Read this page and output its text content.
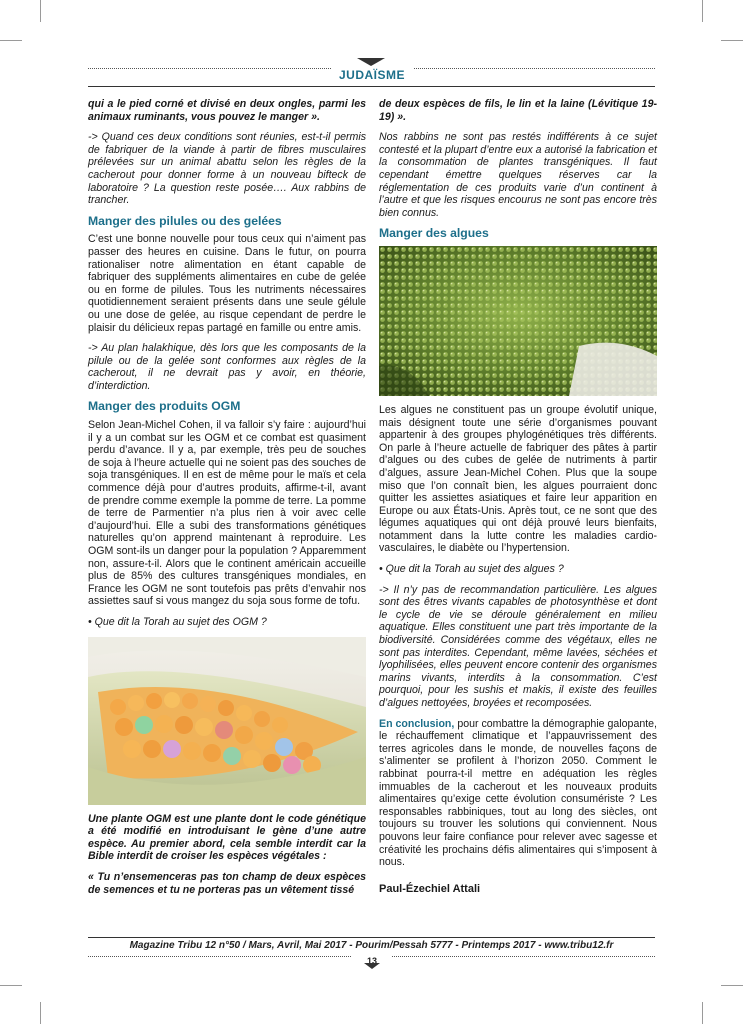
JUDAÏSME

qui a le pied corné et divisé en deux ongles, parmi les animaux ruminants, vous pouvez le manger ».

-> Quand ces deux conditions sont réunies, est-t-il permis de fabriquer de la viande à partir de fibres musculaires prélevées sur un animal abattu selon les règles de la cacherout pour donner forme à un nouveau bifteck de laboratoire ? La question reste posée…. Aux rabbins de trancher.

Manger des pilules ou des gelées

C’est une bonne nouvelle pour tous ceux qui n’aiment pas passer des heures en cuisine. Dans le futur, on pourra rationaliser notre alimentation en étant capable de fabriquer des suppléments alimentaires en cube de gelée ou en forme de pilules. Tous les nutriments nécessaires quotidiennement seraient présents dans une seule gélule ou une dose de gelée, au risque cependant de perdre le plaisir du délicieux repas partagé en famille ou entre amis.

-> Au plan halakhique, dès lors que les composants de la pilule ou de la gelée sont conformes aux règles de la cacherout, il ne devrait pas y avoir, en théorie, d’interdiction.

Manger des produits OGM

Selon Jean-Michel Cohen, il va falloir s’y faire : aujourd’hui il y a un combat sur les OGM et ce combat est quasiment perdu d’avance. Il y a, par exemple, très peu de souches de soja à l’heure actuelle qui ne soient pas des souches de soja transgéniques. Il en est de même pour le maïs et cela commence déjà pour d’autres produits, affirme-t-il, avant de prendre comme exemple la pomme de terre. La pomme de terre de Parmentier n’a plus rien à voir avec celle d’aujourd’hui. Elle a subi des transformations génétiques naturelles qu’on apprend maintenant à reproduire. Les OGM sont-ils un danger pour la population ? Apparemment non, assure-t-il. Alors que le continent américain accueille plus de 85% des cultures transgéniques mondiales, en France les OGM ne sont toutefois pas prêts d’envahir nos assiettes sauf si vous mangez du soja sous forme de tofu.

• Que dit la Torah au sujet des OGM ?

Une plante OGM est une plante dont le code génétique a été modifié en introduisant le gène d’une autre espèce. Au premier abord, cela semble interdit car la Bible interdit de croiser les espèces végétales :

« Tu n’ensemenceras pas ton champ de deux espèces de semences et tu ne porteras pas un vêtement tissé

de deux espèces de fils, le lin et la laine (Lévitique 19-19) ».

Nos rabbins ne sont pas restés indifférents à ce sujet contesté et la plupart d’entre eux a autorisé la fabrication et la consommation de plantes transgéniques. Il faut cependant émettre quelques réserves car la réglementation de ces produits varie d’un continent à l’autre et que les risques encourus ne sont pas encore très bien connus.

Manger des algues

Les algues ne constituent pas un groupe évolutif unique, mais désignent toute une série d’organismes pouvant appartenir à des groupes phylogénétiques très différents. On parle à l’heure actuelle de fabriquer des pâtes à partir d’algues ou des cubes de gelée de nutriments à partir d’algues, assure Jean-Michel Cohen. Plus que la soupe miso que l’on connaît bien, les algues pourraient donc quitter les assiettes asiatiques et faire leur apparition en Europe ou aux États-Unis. Après tout, ce ne sont que des légumes aquatiques qui ont déjà prouvé leurs bienfaits, notamment dans la lutte contre les maladies cardio-vasculaires, le diabète ou l’hypertension.

• Que dit la Torah au sujet des algues ?

-> Il n’y pas de recommandation particulière. Les algues sont des êtres vivants capables de photosynthèse et dont le cycle de vie se déroule généralement en milieu aquatique. Elles constituent une part très importante de la biodiversité. Considérées comme des végétaux, elles ne sont pas interdites. Cependant, même lavées, séchées et lyophilisées, elles peuvent encore contenir des organismes marins vivants, interdits à la consommation. C’est pourquoi, pour les sushis et makis, il existe des feuilles d’algues nettoyées, broyées et recomposées.

En conclusion, pour combattre la démographie galopante, le réchauffement climatique et l’appauvrissement des terres agricoles dans le monde, de nouvelles façons de s’alimenter se profilent à l’horizon 2050. Comment le rabbinat pourra-t-il mettre en adéquation les règles immuables de la cacherout et les nouveaux produits alimentaires qu’exige cette évolution consumériste ? Les responsables rabbiniques, tout au long des siècles, ont toujours su trouver les solutions qui conviennent. Nous pouvons leur faire confiance pour relever avec sagesse et créativité les prochains défis alimentaires qui s’imposent à nous.

Paul-Ézechiel Attali

Magazine Tribu 12 n°50 / Mars, Avril, Mai 2017 - Pourim/Pessah 5777 - Printemps 2017 - www.tribu12.fr
13
